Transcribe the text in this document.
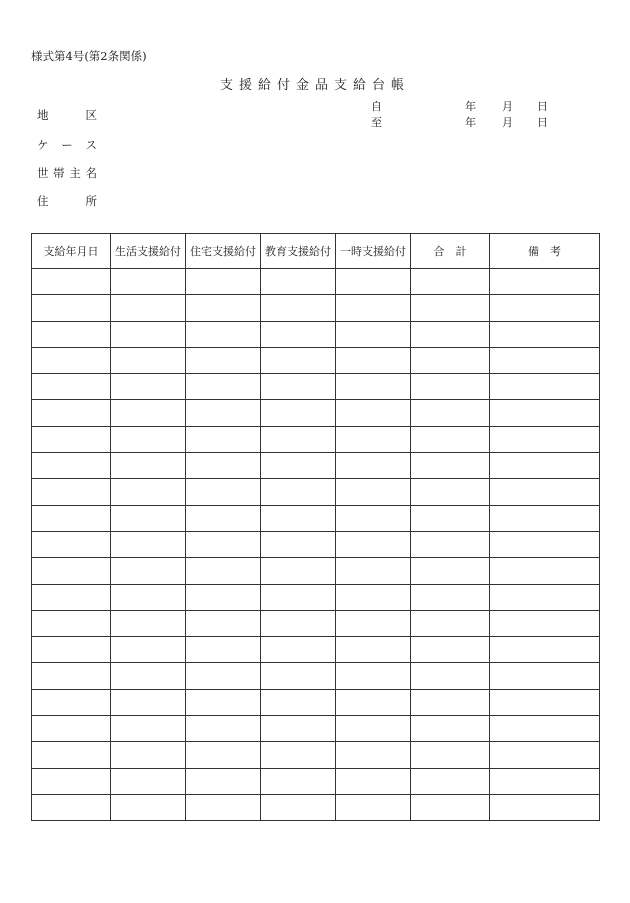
様式第4号(第2条関係)
支援給付金品支給台帳
地	区
ケ ー ス
世 帯 主 名
住	所
自	年 月 日
至	年 月 日
支給年月日	生活支援給付	住宅支援給付	教育支援給付	一時支援給付	合　計	備　考
